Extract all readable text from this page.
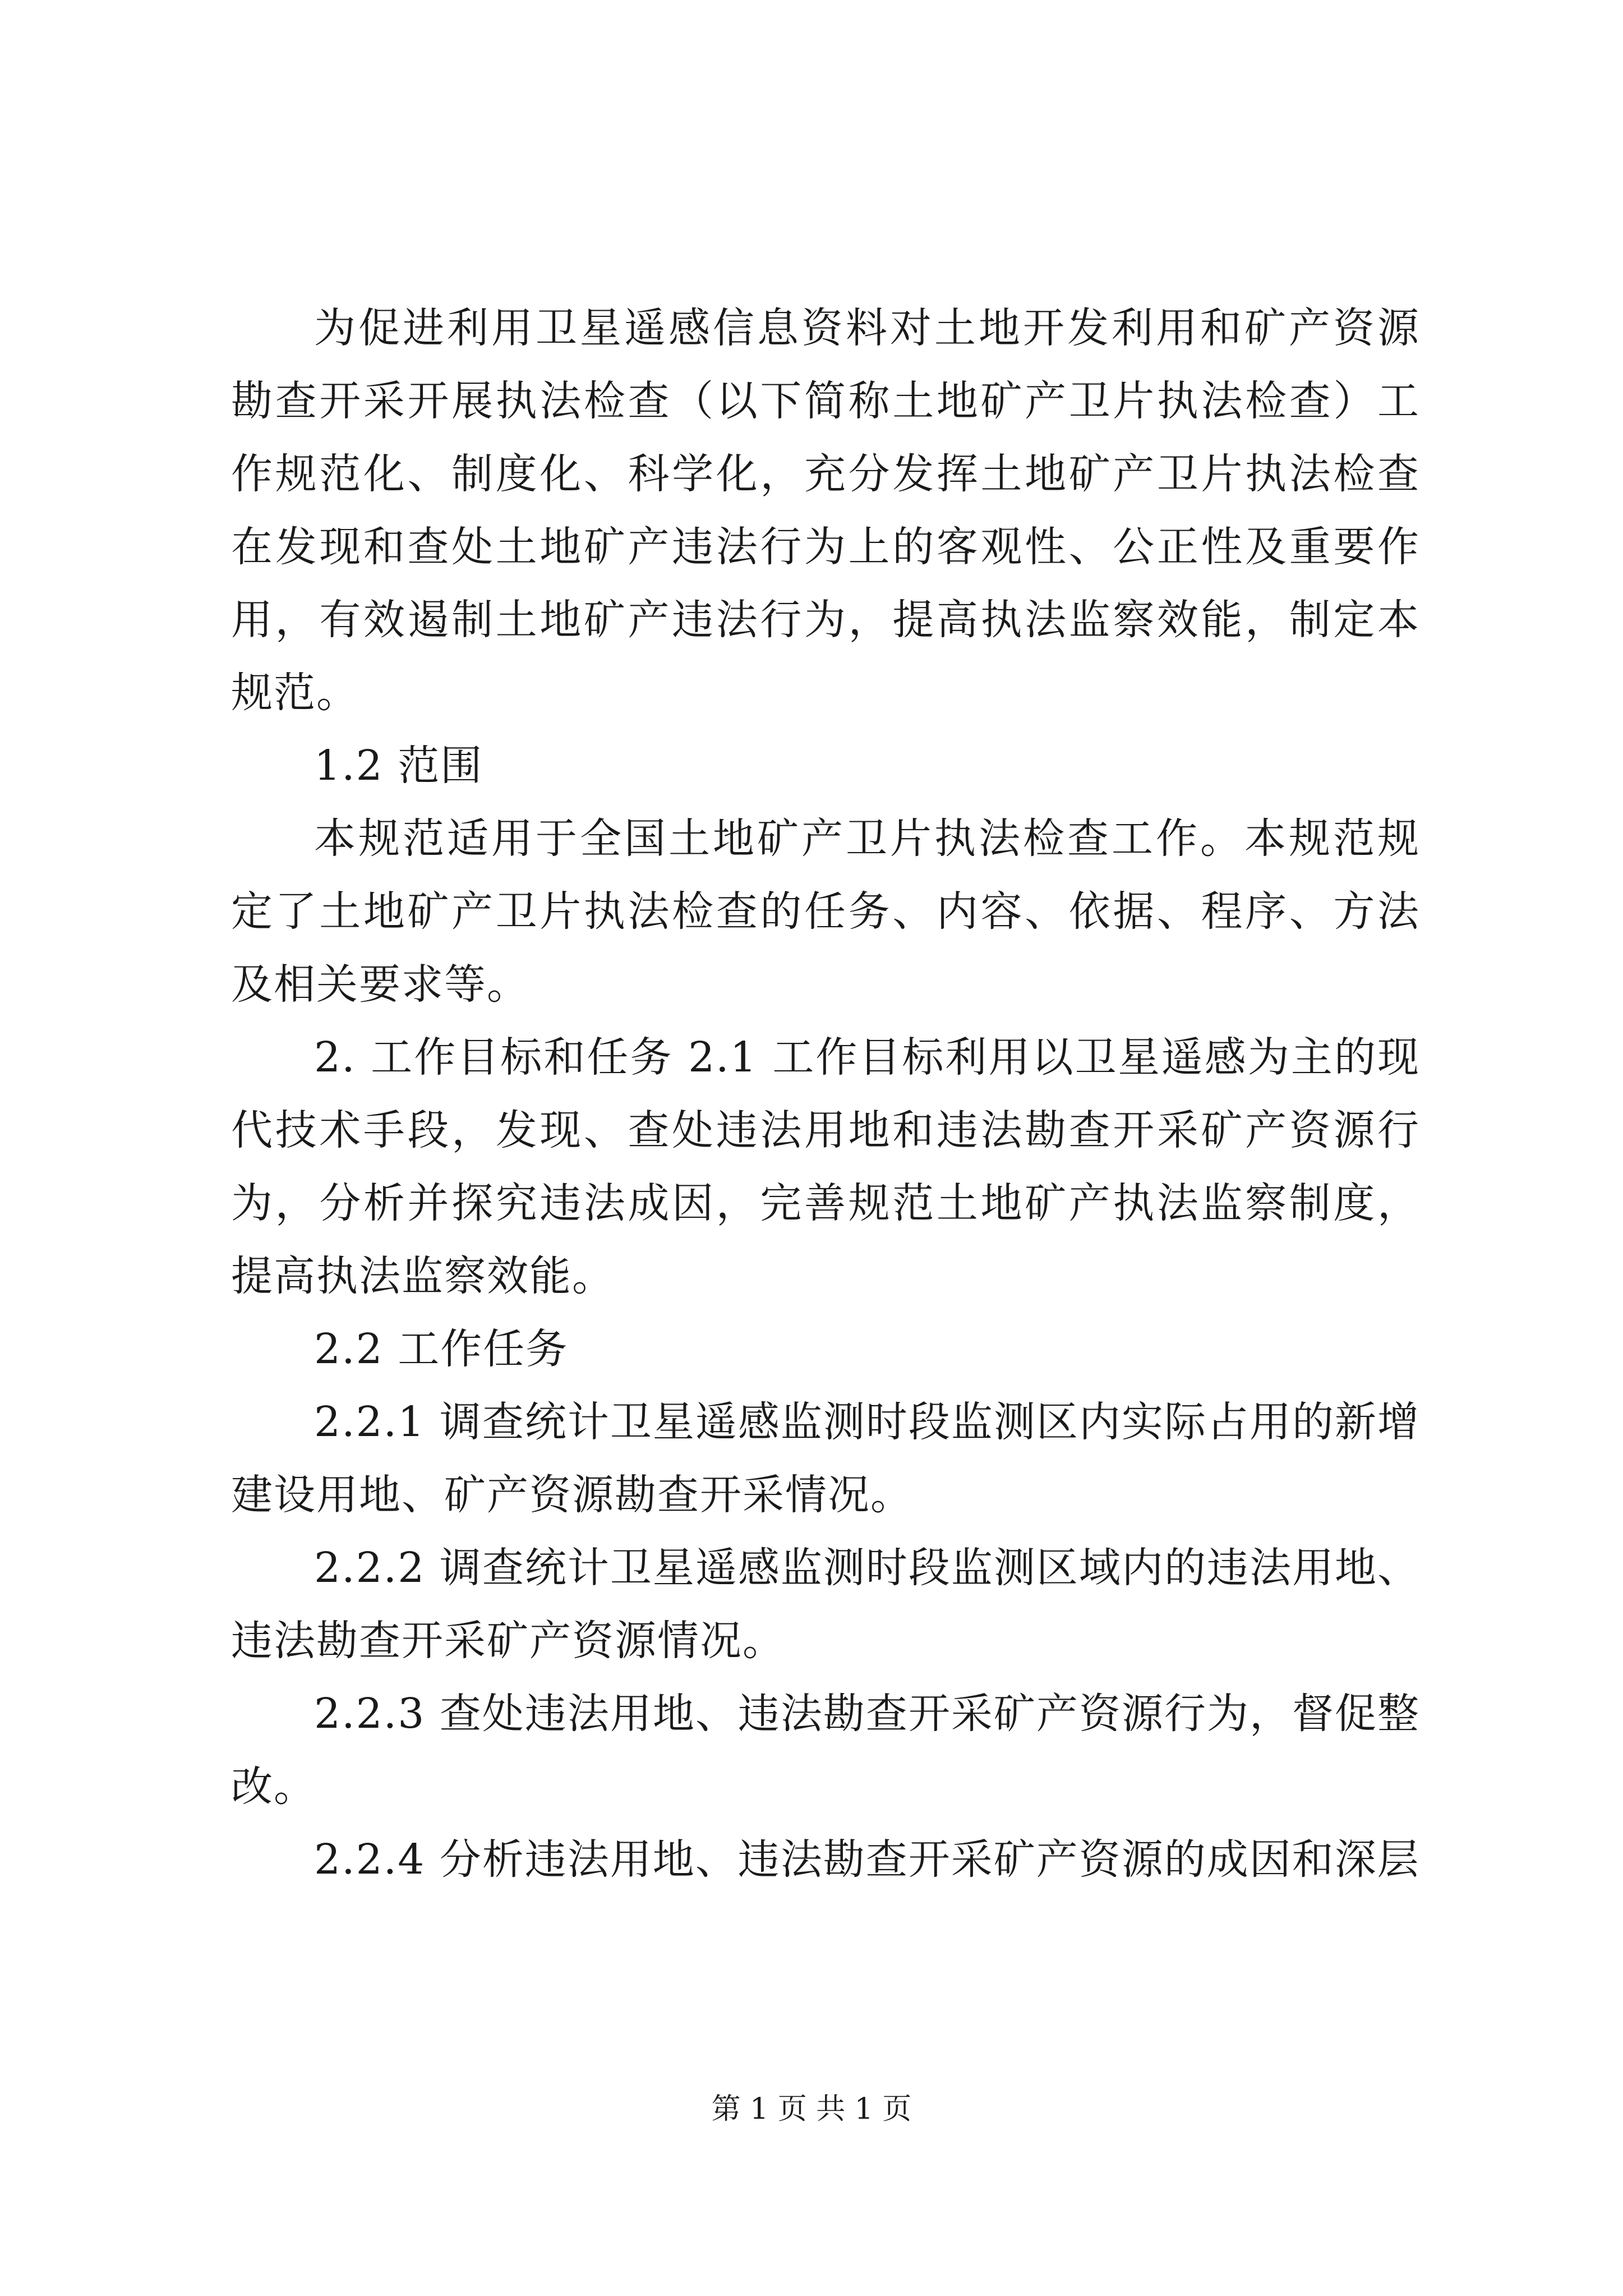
为促进利用卫星遥感信息资料对土地开发利用和矿产资源勘查开采开展执法检查（以下简称土地矿产卫片执法检查）工作规范化、制度化、科学化，充分发挥土地矿产卫片执法检查在发现和查处土地矿产违法行为上的客观性、公正性及重要作用，有效遏制土地矿产违法行为，提高执法监察效能，制定本规范。

1.2 范围

本规范适用于全国土地矿产卫片执法检查工作。本规范规定了土地矿产卫片执法检查的任务、内容、依据、程序、方法及相关要求等。

2. 工作目标和任务 2.1 工作目标利用以卫星遥感为主的现代技术手段，发现、查处违法用地和违法勘查开采矿产资源行为，分析并探究违法成因，完善规范土地矿产执法监察制度，提高执法监察效能。

2.2 工作任务

2.2.1 调查统计卫星遥感监测时段监测区内实际占用的新增建设用地、矿产资源勘查开采情况。

2.2.2 调查统计卫星遥感监测时段监测区域内的违法用地、违法勘查开采矿产资源情况。

2.2.3 查处违法用地、违法勘查开采矿产资源行为，督促整改。

2.2.4 分析违法用地、违法勘查开采矿产资源的成因和深层

第 1 页 共 1 页
